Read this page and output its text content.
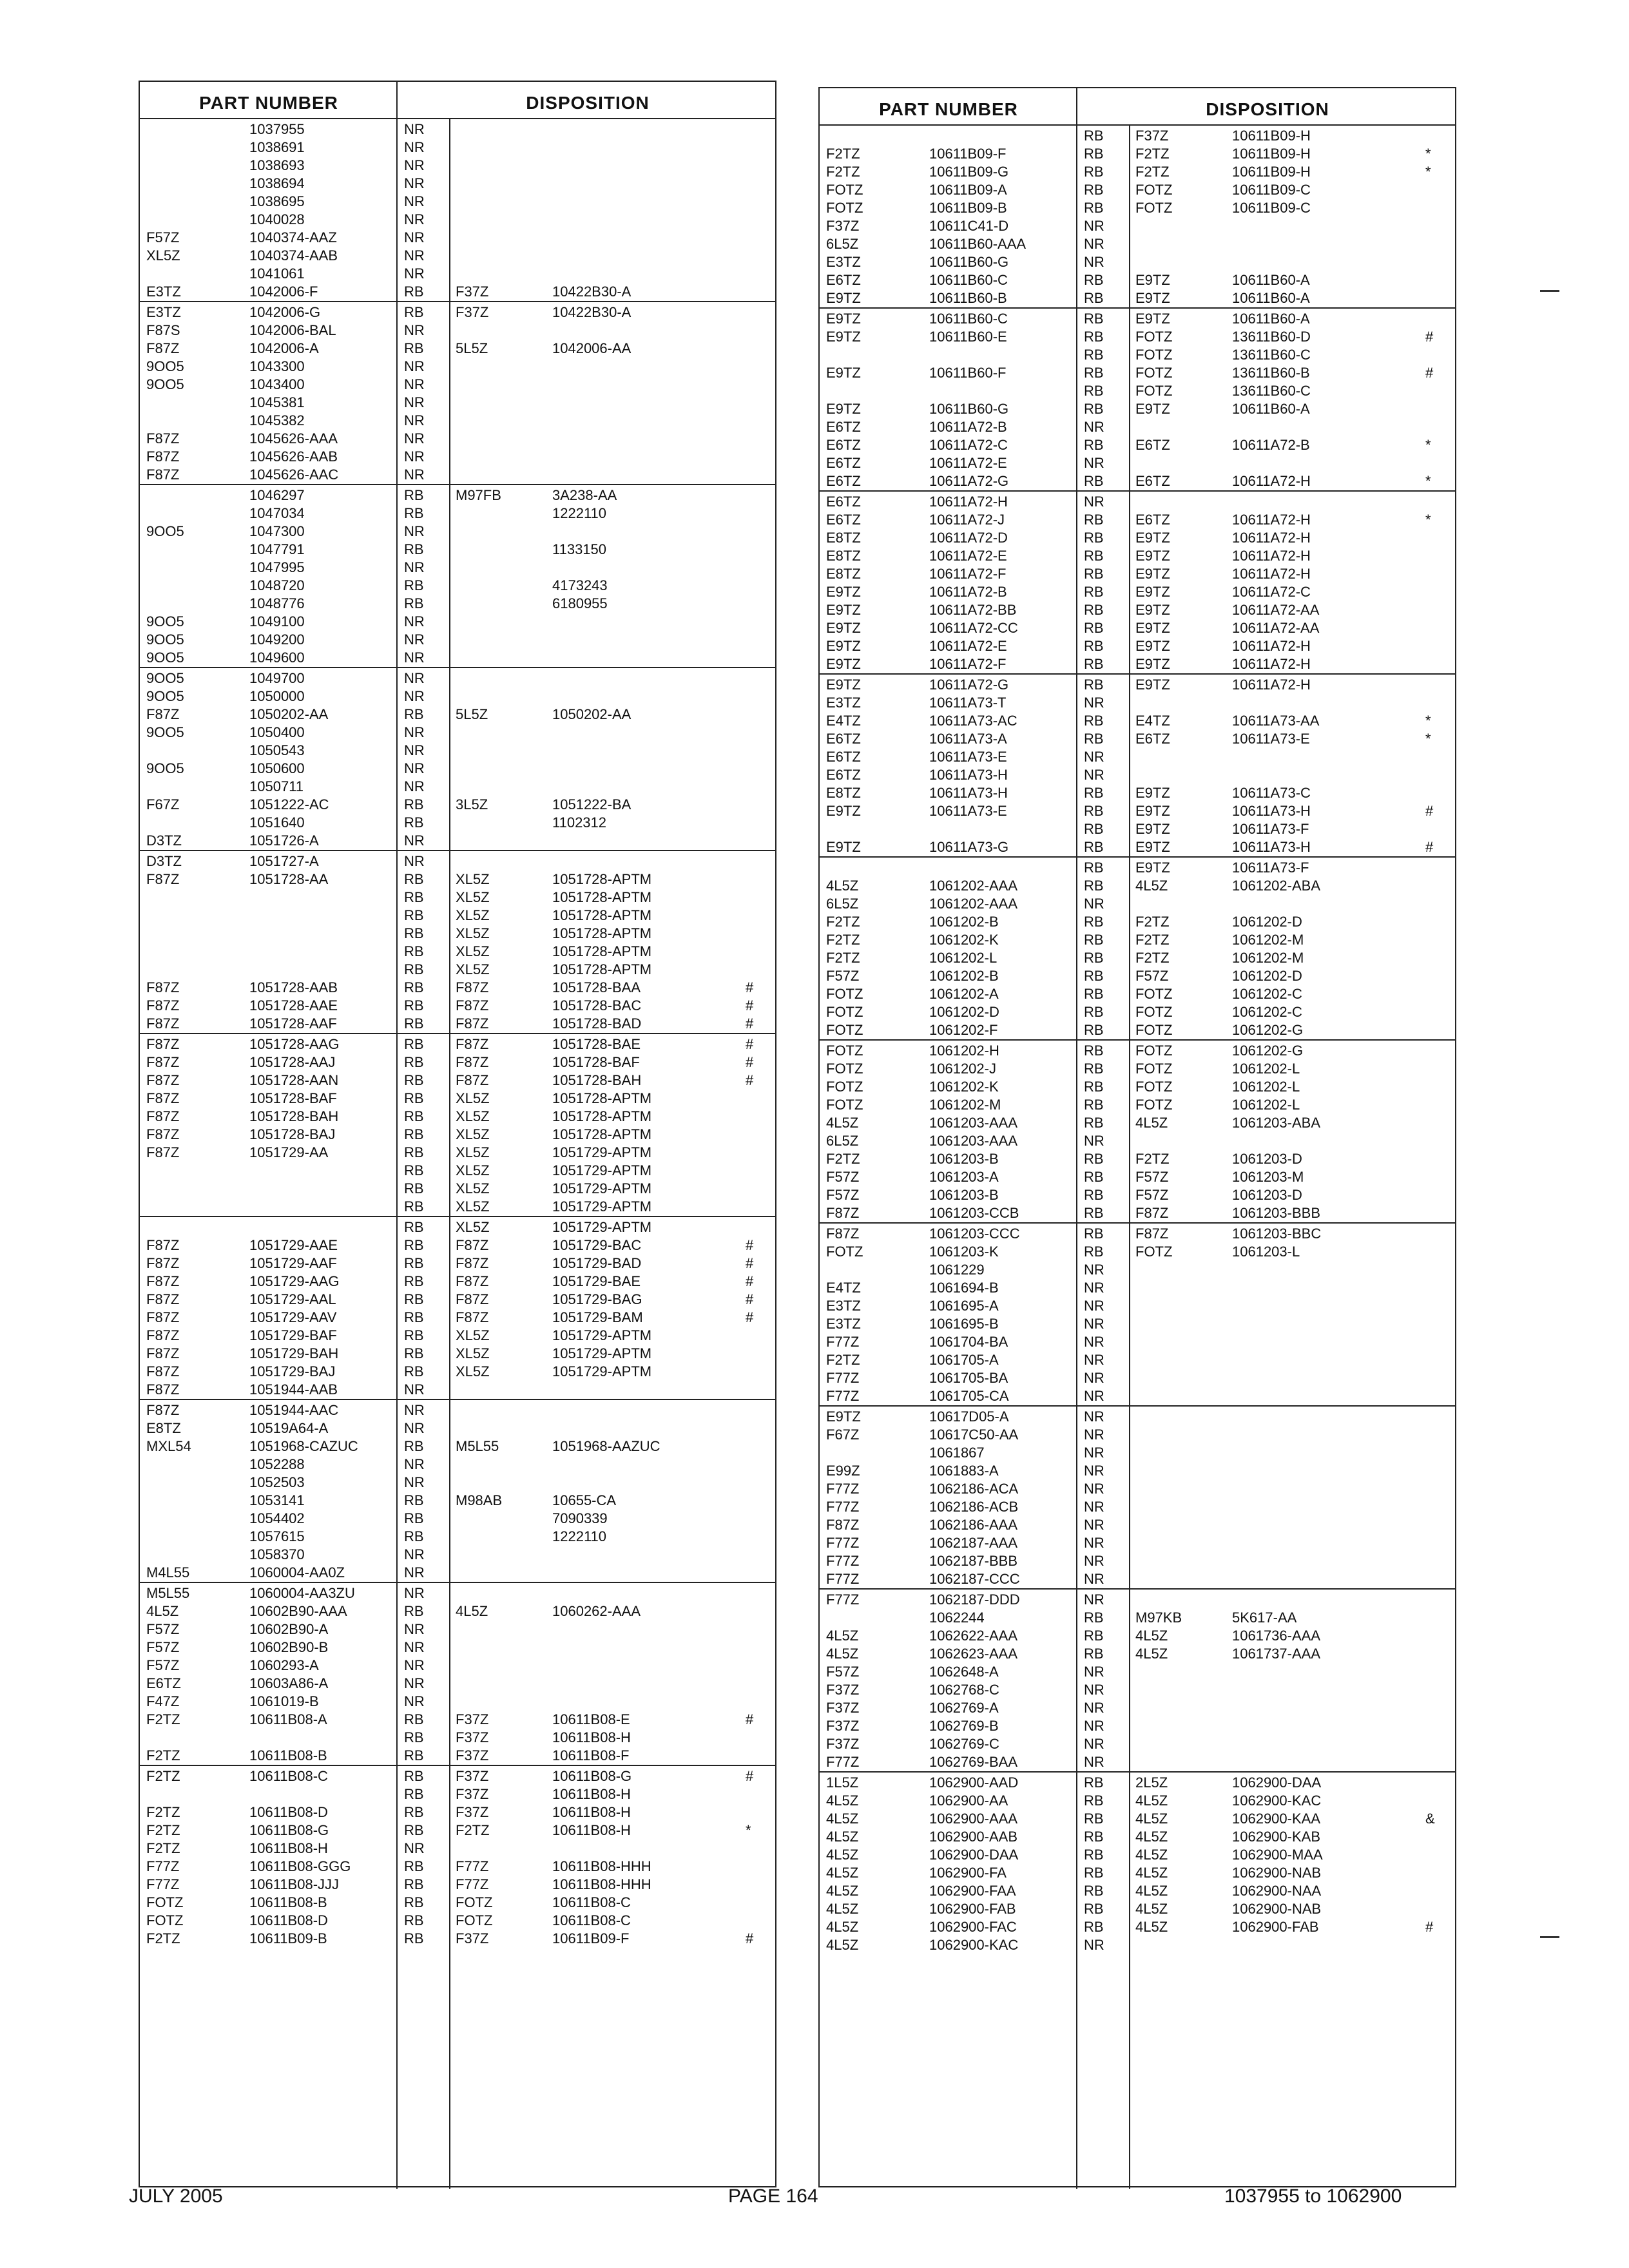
PART NUMBER	DISPOSITION
1037955	NR
1038691	NR
1038693	NR
1038694	NR
1038695	NR
1040028	NR
F57Z	1040374-AAZ	NR
XL5Z	1040374-AAB	NR
1041061	NR
E3TZ	1042006-F	RB F37Z	10422B30-A
E3TZ	1042006-G	RB F37Z	10422B30-A
F87S	1042006-BAL	NR
F87Z	1042006-A	RB 5L5Z	1042006-AA
9OO5	1043300	NR
9OO5	1043400	NR
1045381	NR
1045382	NR
F87Z	1045626-AAA	NR
F87Z	1045626-AAB	NR
F87Z	1045626-AAC	NR
1046297	RB M97FB	3A238-AA
1047034	RB	1222110
9OO5	1047300	NR
1047791	RB	1133150
1047995	NR
1048720	RB	4173243
1048776	RB	6180955
9OO5	1049100	NR
9OO5	1049200	NR
9OO5	1049600	NR
9OO5	1049700	NR
9OO5	1050000	NR
F87Z	1050202-AA	RB 5L5Z	1050202-AA
9OO5	1050400	NR
1050543	NR
9OO5	1050600	NR
1050711	NR
F67Z	1051222-AC	RB 3L5Z	1051222-BA
1051640	RB	1102312
D3TZ	1051726-A	NR
D3TZ	1051727-A	NR
F87Z	1051728-AA	RB XL5Z	1051728-APTM
RB XL5Z	1051728-APTM
RB XL5Z	1051728-APTM
RB XL5Z	1051728-APTM
RB XL5Z	1051728-APTM
RB XL5Z	1051728-APTM
F87Z	1051728-AAB	RB F87Z	1051728-BAA	#
F87Z	1051728-AAE	RB F87Z	1051728-BAC	#
F87Z	1051728-AAF	RB F87Z	1051728-BAD	#
F87Z	1051728-AAG	RB F87Z	1051728-BAE	#
F87Z	1051728-AAJ	RB F87Z	1051728-BAF	#
F87Z	1051728-AAN	RB F87Z	1051728-BAH	#
F87Z	1051728-BAF	RB XL5Z	1051728-APTM
F87Z	1051728-BAH	RB XL5Z	1051728-APTM
F87Z	1051728-BAJ	RB XL5Z	1051728-APTM
F87Z	1051729-AA	RB XL5Z	1051729-APTM
RB XL5Z	1051729-APTM
RB XL5Z	1051729-APTM
RB XL5Z	1051729-APTM
RB XL5Z	1051729-APTM
F87Z	1051729-AAE	RB F87Z	1051729-BAC	#
F87Z	1051729-AAF	RB F87Z	1051729-BAD	#
F87Z	1051729-AAG	RB F87Z	1051729-BAE	#
F87Z	1051729-AAL	RB F87Z	1051729-BAG	#
F87Z	1051729-AAV	RB F87Z	1051729-BAM	#
F87Z	1051729-BAF	RB XL5Z	1051729-APTM
F87Z	1051729-BAH	RB XL5Z	1051729-APTM
F87Z	1051729-BAJ	RB XL5Z	1051729-APTM
F87Z	1051944-AAB	NR
F87Z	1051944-AAC	NR
E8TZ	10519A64-A	NR
MXL54	1051968-CAZUC	RB M5L55	1051968-AAZUC
1052288	NR
1052503	NR
1053141	RB M98AB	10655-CA
1054402	RB	7090339
1057615	RB	1222110
1058370	NR
M4L55	1060004-AA0Z	NR
M5L55	1060004-AA3ZU	NR
4L5Z	10602B90-AAA	RB 4L5Z	1060262-AAA
F57Z	10602B90-A	NR
F57Z	10602B90-B	NR
F57Z	1060293-A	NR
E6TZ	10603A86-A	NR
F47Z	1061019-B	NR
F2TZ	10611B08-A	RB F37Z	10611B08-E	#
RB F37Z	10611B08-H
F2TZ	10611B08-B	RB F37Z	10611B08-F
F2TZ	10611B08-C	RB F37Z	10611B08-G	#
RB F37Z	10611B08-H
F2TZ	10611B08-D	RB F37Z	10611B08-H
F2TZ	10611B08-G	RB F2TZ	10611B08-H	*
F2TZ	10611B08-H	NR
F77Z	10611B08-GGG	RB F77Z	10611B08-HHH
F77Z	10611B08-JJJ	RB F77Z	10611B08-HHH
FOTZ	10611B08-B	RB FOTZ	10611B08-C
FOTZ	10611B08-D	RB FOTZ	10611B08-C
F2TZ	10611B09-B	RB F37Z	10611B09-F	#
PART NUMBER	DISPOSITION
RB F37Z	10611B09-H
F2TZ	10611B09-F	RB F2TZ	10611B09-H	*
F2TZ	10611B09-G	RB F2TZ	10611B09-H	*
FOTZ	10611B09-A	RB FOTZ	10611B09-C
FOTZ	10611B09-B	RB FOTZ	10611B09-C
F37Z	10611C41-D	NR
6L5Z	10611B60-AAA	NR
E3TZ	10611B60-G	NR
E6TZ	10611B60-C	RB E9TZ	10611B60-A
E9TZ	10611B60-B	RB E9TZ	10611B60-A
E9TZ	10611B60-C	RB E9TZ	10611B60-A
E9TZ	10611B60-E	RB FOTZ	13611B60-D	#
RB FOTZ	13611B60-C
E9TZ	10611B60-F	RB FOTZ	13611B60-B	#
RB FOTZ	13611B60-C
E9TZ	10611B60-G	RB E9TZ	10611B60-A
E6TZ	10611A72-B	NR
E6TZ	10611A72-C	RB E6TZ	10611A72-B	*
E6TZ	10611A72-E	NR
E6TZ	10611A72-G	RB E6TZ	10611A72-H	*
E6TZ	10611A72-H	NR
E6TZ	10611A72-J	RB E6TZ	10611A72-H	*
E8TZ	10611A72-D	RB E9TZ	10611A72-H
E8TZ	10611A72-E	RB E9TZ	10611A72-H
E8TZ	10611A72-F	RB E9TZ	10611A72-H
E9TZ	10611A72-B	RB E9TZ	10611A72-C
E9TZ	10611A72-BB	RB E9TZ	10611A72-AA
E9TZ	10611A72-CC	RB E9TZ	10611A72-AA
E9TZ	10611A72-E	RB E9TZ	10611A72-H
E9TZ	10611A72-F	RB E9TZ	10611A72-H
E9TZ	10611A72-G	RB E9TZ	10611A72-H
E3TZ	10611A73-T	NR
E4TZ	10611A73-AC	RB E4TZ	10611A73-AA	*
E6TZ	10611A73-A	RB E6TZ	10611A73-E	*
E6TZ	10611A73-E	NR
E6TZ	10611A73-H	NR
E8TZ	10611A73-H	RB E9TZ	10611A73-C
E9TZ	10611A73-E	RB E9TZ	10611A73-H	#
RB E9TZ	10611A73-F
E9TZ	10611A73-G	RB E9TZ	10611A73-H	#
RB E9TZ	10611A73-F
4L5Z	1061202-AAA	RB 4L5Z	1061202-ABA
6L5Z	1061202-AAA	NR
F2TZ	1061202-B	RB F2TZ	1061202-D
F2TZ	1061202-K	RB F2TZ	1061202-M
F2TZ	1061202-L	RB F2TZ	1061202-M
F57Z	1061202-B	RB F57Z	1061202-D
FOTZ	1061202-A	RB FOTZ	1061202-C
FOTZ	1061202-D	RB FOTZ	1061202-C
FOTZ	1061202-F	RB FOTZ	1061202-G
FOTZ	1061202-H	RB FOTZ	1061202-G
FOTZ	1061202-J	RB FOTZ	1061202-L
FOTZ	1061202-K	RB FOTZ	1061202-L
FOTZ	1061202-M	RB FOTZ	1061202-L
4L5Z	1061203-AAA	RB 4L5Z	1061203-ABA
6L5Z	1061203-AAA	NR
F2TZ	1061203-B	RB F2TZ	1061203-D
F57Z	1061203-A	RB F57Z	1061203-M
F57Z	1061203-B	RB F57Z	1061203-D
F87Z	1061203-CCB	RB F87Z	1061203-BBB
F87Z	1061203-CCC	RB F87Z	1061203-BBC
FOTZ	1061203-K	RB FOTZ	1061203-L
1061229	NR
E4TZ	1061694-B	NR
E3TZ	1061695-A	NR
E3TZ	1061695-B	NR
F77Z	1061704-BA	NR
F2TZ	1061705-A	NR
F77Z	1061705-BA	NR
F77Z	1061705-CA	NR
E9TZ	10617D05-A	NR
F67Z	10617C50-AA	NR
1061867	NR
E99Z	1061883-A	NR
F77Z	1062186-ACA	NR
F77Z	1062186-ACB	NR
F87Z	1062186-AAA	NR
F77Z	1062187-AAA	NR
F77Z	1062187-BBB	NR
F77Z	1062187-CCC	NR
F77Z	1062187-DDD	NR
1062244	RB M97KB	5K617-AA
4L5Z	1062622-AAA	RB 4L5Z	1061736-AAA
4L5Z	1062623-AAA	RB 4L5Z	1061737-AAA
F57Z	1062648-A	NR
F37Z	1062768-C	NR
F37Z	1062769-A	NR
F37Z	1062769-B	NR
F37Z	1062769-C	NR
F77Z	1062769-BAA	NR
1L5Z	1062900-AAD	RB 2L5Z	1062900-DAA
4L5Z	1062900-AA	RB 4L5Z	1062900-KAC
4L5Z	1062900-AAA	RB 4L5Z	1062900-KAA	&
4L5Z	1062900-AAB	RB 4L5Z	1062900-KAB
4L5Z	1062900-DAA	RB 4L5Z	1062900-MAA
4L5Z	1062900-FA	RB 4L5Z	1062900-NAB
4L5Z	1062900-FAA	RB 4L5Z	1062900-NAA
4L5Z	1062900-FAB	RB 4L5Z	1062900-NAB
4L5Z	1062900-FAC	RB 4L5Z	1062900-FAB	#
4L5Z	1062900-KAC	NR
JULY 2005	PAGE 164	1037955 to 1062900
